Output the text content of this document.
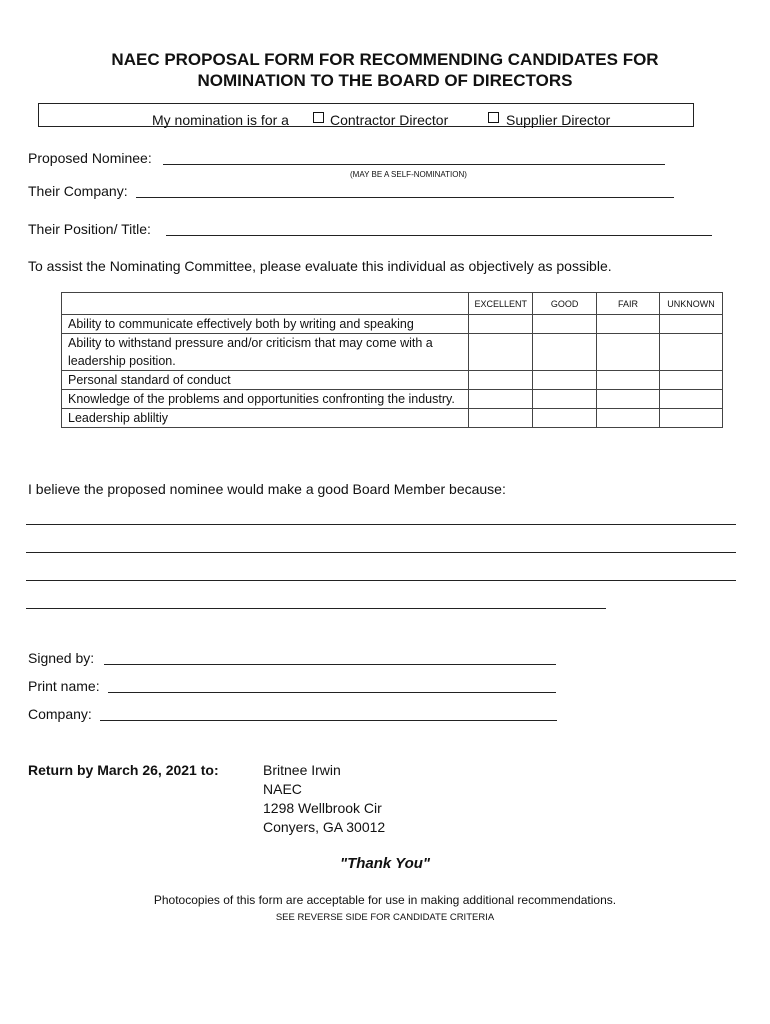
NAEC PROPOSAL FORM FOR RECOMMENDING CANDIDATES FOR
NOMINATION TO THE BOARD OF DIRECTORS
My nomination is for a	Contractor Director	Supplier Director
Proposed Nominee:
(MAY BE A SELF-NOMINATION)
Their Company:
Their Position/ Title:
To assist the Nominating Committee, please evaluate this individual as objectively as possible.
	EXCELLENT	GOOD	FAIR	UNKNOWN
Ability to communicate effectively both by writing and speaking				
Ability to withstand pressure and/or criticism that may come with a leadership position.				
Personal standard of conduct				
Knowledge of the problems and opportunities confronting the industry.				
Leadership abliltiy				
I believe the proposed nominee would make a good Board Member because:
Signed by:
Print name:
Company:
Return by March 26, 2021 to:	Britnee Irwin
NAEC
1298 Wellbrook Cir
Conyers, GA 30012
"Thank You"
Photocopies of this form are acceptable for use in making additional recommendations.
SEE REVERSE SIDE FOR CANDIDATE CRITERIA
